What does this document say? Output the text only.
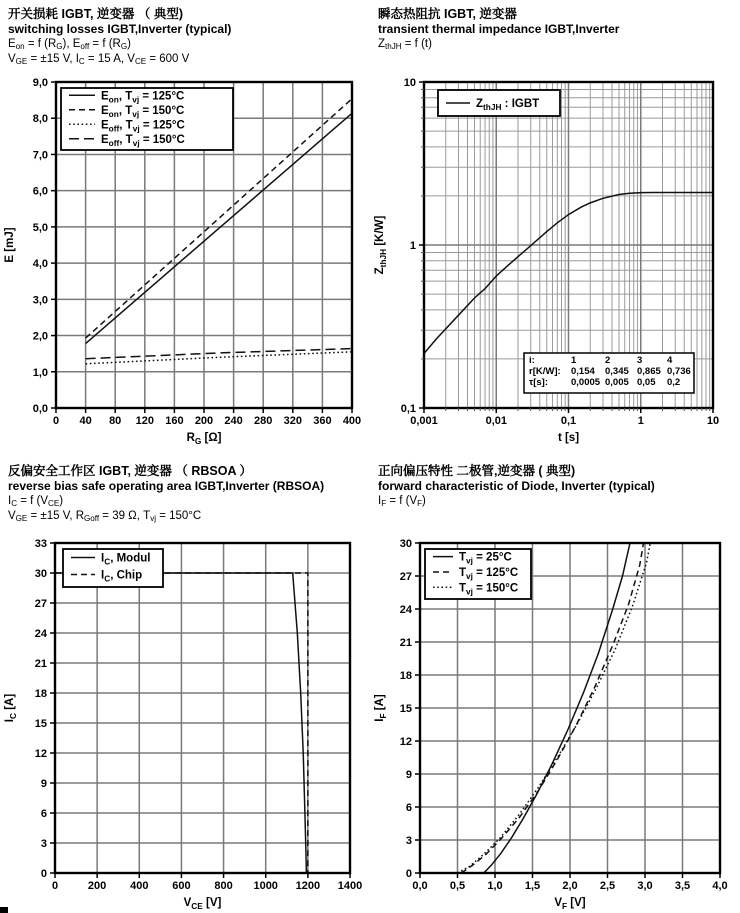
开关损耗 IGBT, 逆变器 （ 典型)
switching losses IGBT,Inverter (typical)
$E_{on} = f$ $(R_G)$, $E_{off} = f$ $(R_G)$
$V_{GE} = \pm 15$ V, $I_C = 15$ A, $V_{CE} = 600$ V
0 40 80 120 160 200 240 280 320 360 400
0,0
1,0
2,0
3,0
4,0
5,0
6,0
7,0
8,0
9,0
$R_G$ [Ω]
E [mJ]
$E_{on}$, $T_{vj} = 125^\circ C$
$E_{on}$, $T_{vj} = 150^\circ C$
$E_{off}$, $T_{vj} = 125^\circ C$
$E_{off}$, $T_{vj} = 150^\circ C$
瞬态热阻抗 IGBT, 逆变器
transient thermal impedance IGBT,Inverter
$Z_{thJH} = f$ (t)
0,001	0,01	0,1	1	10
0,1
1
10
t [s]
$Z_{thJH}$ [K/W]
$Z_{thJH}$ : IGBT
i:	1	2	3	4
r[K/W]: 0,154 0,345 0,865 0,736
τ[s]: 0,0005 0,005 0,05 0,2
反偏安全工作区 IGBT, 逆变器 （ RBSOA ）
reverse bias safe operating area IGBT,Inverter (RBSOA)
$I_C = f$ $(V_{CE})$
$V_{GE} = \pm 15$ V, $R_{Goff} = 39$ Ω, $T_{vj} = 150^\circ C$
0	200 400 600 800 1000 1200 1400
0
3
6
9
12
15
18
21
24
27
30
33
$V_{CE}$ [V]
$I_C$ [A]
$I_C$, Modul
$I_C$, Chip
正向偏压特性 二极管,逆变器 ( 典型)
forward characteristic of Diode, Inverter (typical)
$I_F = f$ $(V_F)$
0,0 0,5 1,0 1,5 2,0 2,5 3,0 3,5 4,0
0
3
6
9
12
15
18
21
24
27
30
$V_F$ [V]
$I_F$ [A]
$T_{vj} = 25^\circ C$
$T_{vj} = 125^\circ C$
$T_{vj} = 150^\circ C$
